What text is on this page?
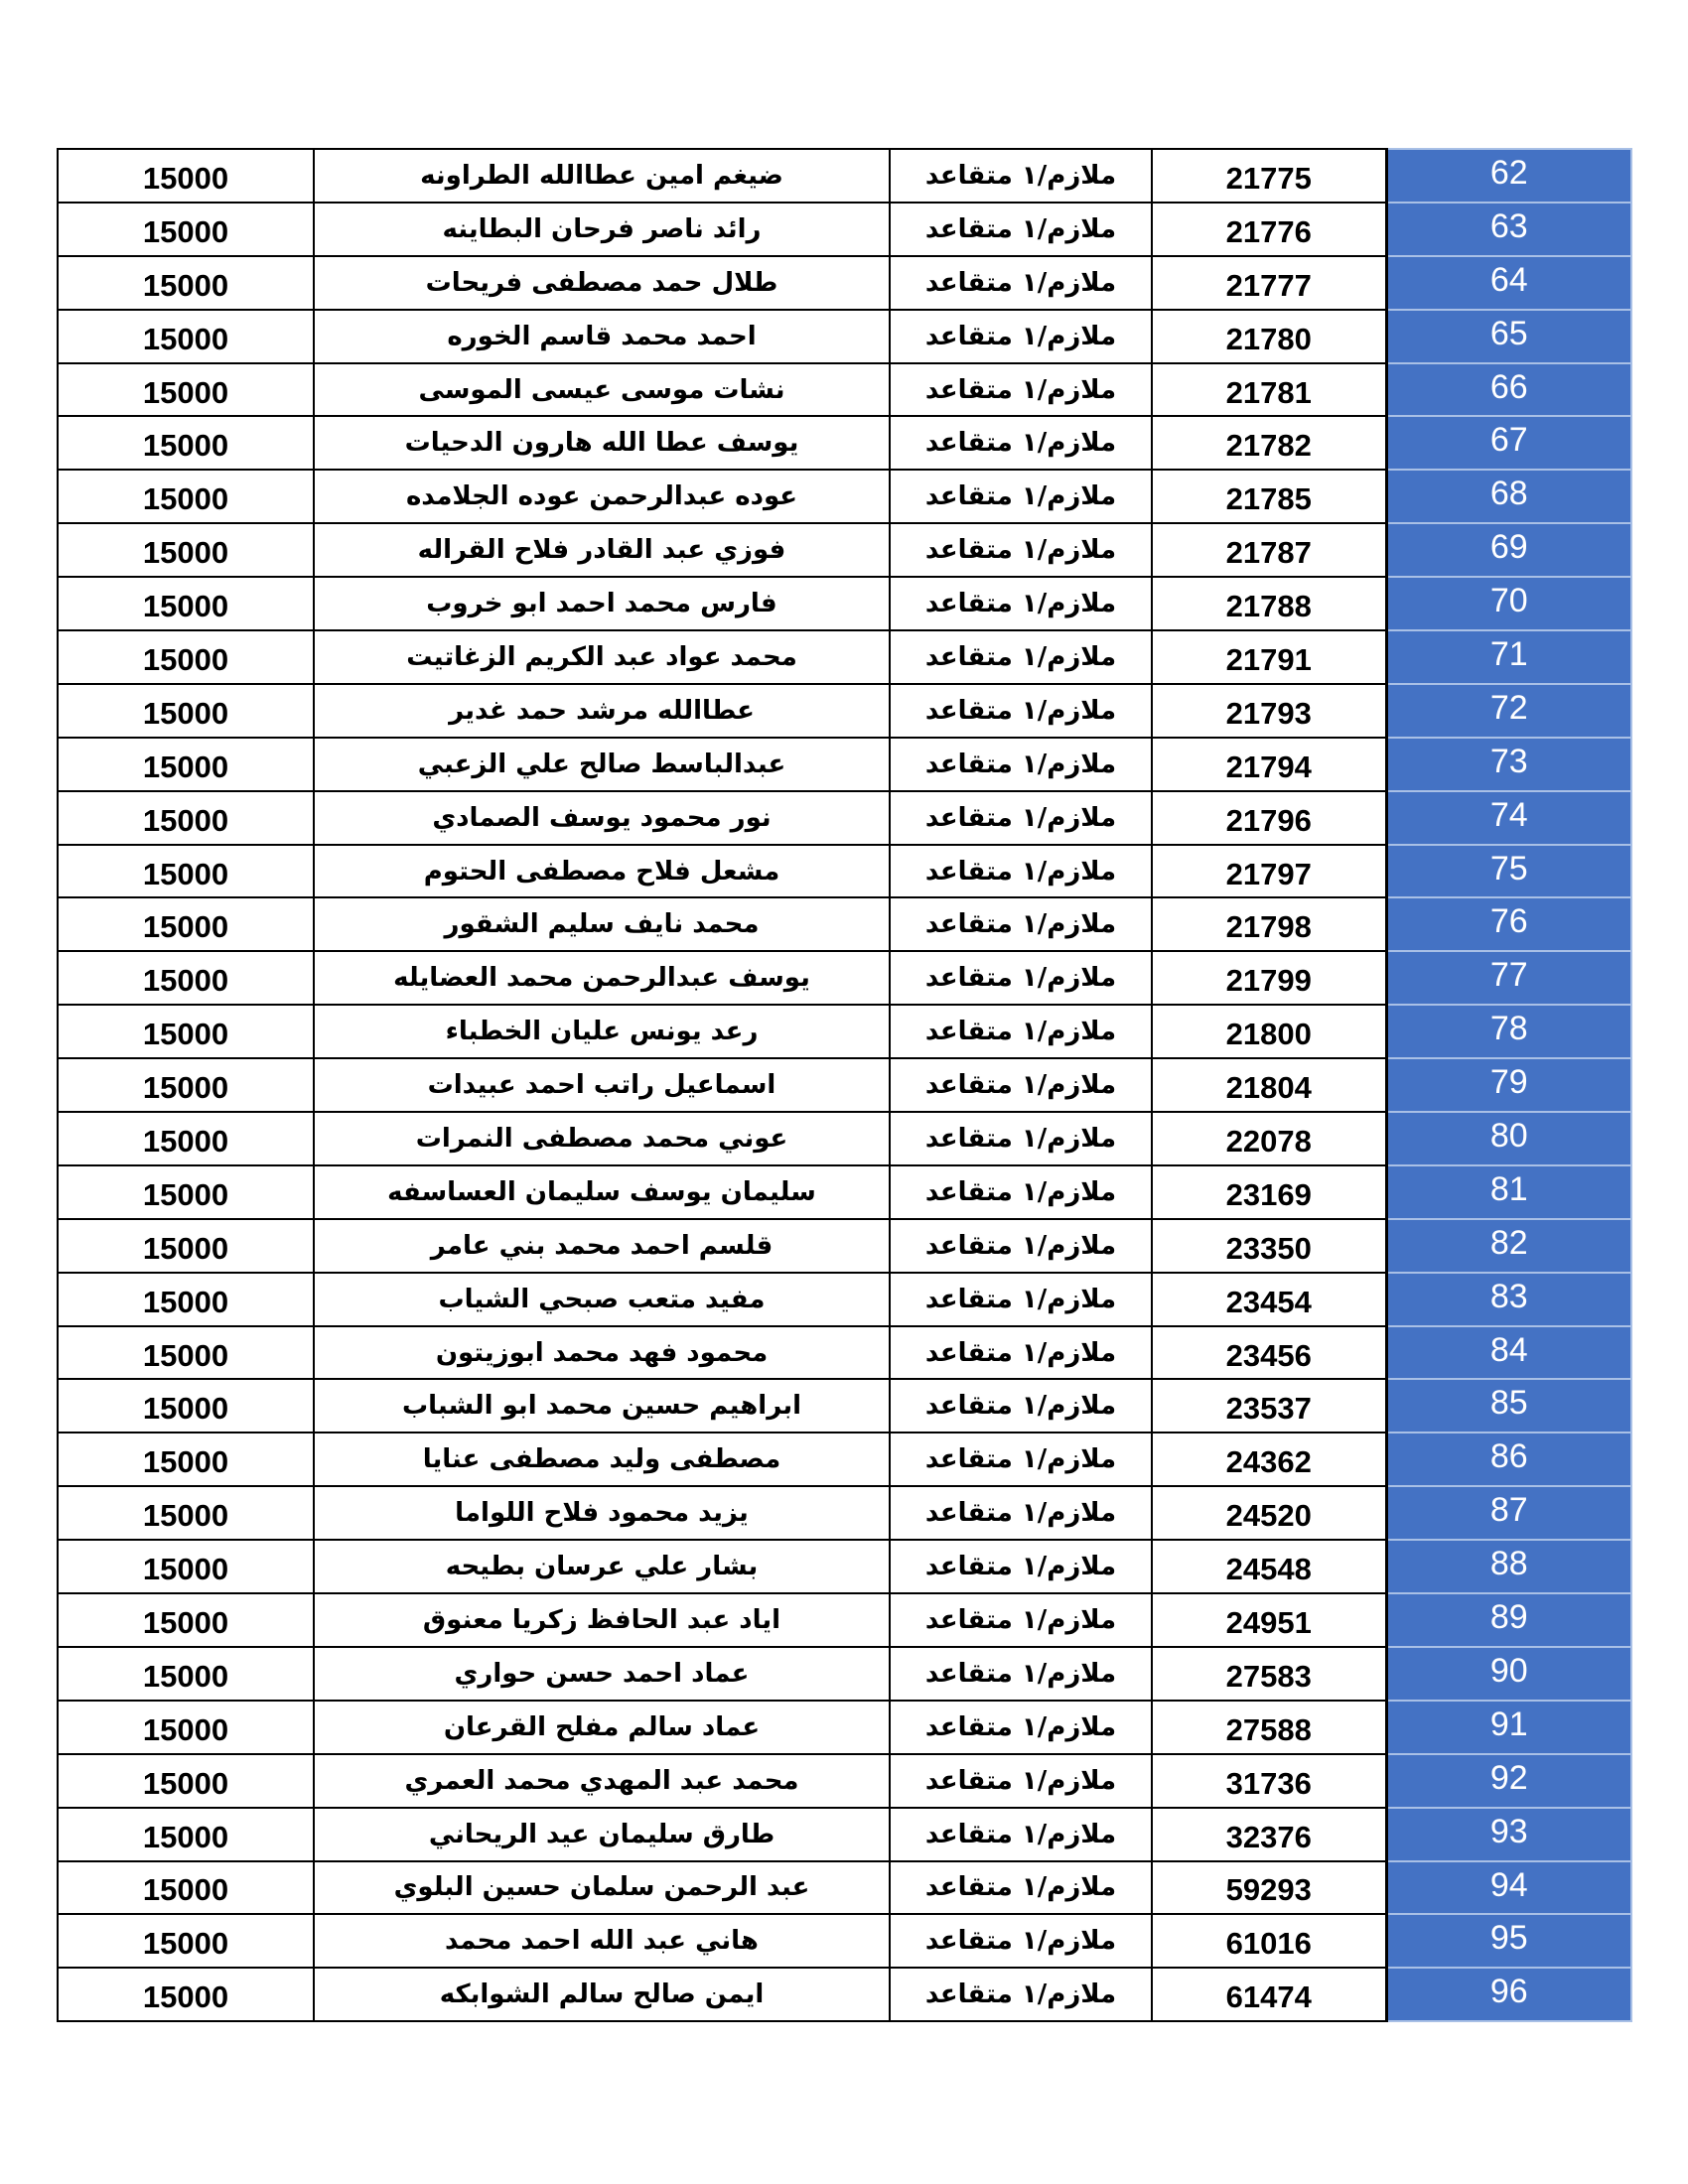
15000	ضيغم امين عطاالله الطراونه	ملازم/١ متقاعد	21775	62
15000	رائد ناصر فرحان البطاينه	ملازم/١ متقاعد	21776	63
15000	طلال حمد مصطفى فريحات	ملازم/١ متقاعد	21777	64
15000	احمد محمد قاسم الخوره	ملازم/١ متقاعد	21780	65
15000	نشات موسى عيسى الموسى	ملازم/١ متقاعد	21781	66
15000	يوسف عطا الله هارون الدحيات	ملازم/١ متقاعد	21782	67
15000	عوده عبدالرحمن عوده الجلامده	ملازم/١ متقاعد	21785	68
15000	فوزي عبد القادر فلاح القراله	ملازم/١ متقاعد	21787	69
15000	فارس محمد احمد ابو خروب	ملازم/١ متقاعد	21788	70
15000	محمد عواد عبد الكريم الزغاتيت	ملازم/١ متقاعد	21791	71
15000	عطاالله مرشد حمد غدير	ملازم/١ متقاعد	21793	72
15000	عبدالباسط صالح علي الزعبي	ملازم/١ متقاعد	21794	73
15000	نور محمود يوسف الصمادي	ملازم/١ متقاعد	21796	74
15000	مشعل فلاح مصطفى الحتوم	ملازم/١ متقاعد	21797	75
15000	محمد نايف سليم الشقور	ملازم/١ متقاعد	21798	76
15000	يوسف عبدالرحمن محمد العضايله	ملازم/١ متقاعد	21799	77
15000	رعد يونس عليان الخطباء	ملازم/١ متقاعد	21800	78
15000	اسماعيل راتب احمد عبيدات	ملازم/١ متقاعد	21804	79
15000	عوني محمد مصطفى النمرات	ملازم/١ متقاعد	22078	80
15000	سليمان يوسف سليمان العساسفه	ملازم/١ متقاعد	23169	81
15000	قلسم احمد محمد بني عامر	ملازم/١ متقاعد	23350	82
15000	مفيد متعب صبحي الشياب	ملازم/١ متقاعد	23454	83
15000	محمود فهد محمد ابوزيتون	ملازم/١ متقاعد	23456	84
15000	ابراهيم حسين محمد ابو الشباب	ملازم/١ متقاعد	23537	85
15000	مصطفى وليد مصطفى عنايا	ملازم/١ متقاعد	24362	86
15000	يزيد محمود فلاح اللواما	ملازم/١ متقاعد	24520	87
15000	بشار علي عرسان بطيحه	ملازم/١ متقاعد	24548	88
15000	اياد عبد الحافظ زكريا معنوق	ملازم/١ متقاعد	24951	89
15000	عماد احمد حسن حواري	ملازم/١ متقاعد	27583	90
15000	عماد سالم مفلح القرعان	ملازم/١ متقاعد	27588	91
15000	محمد عبد المهدي محمد العمري	ملازم/١ متقاعد	31736	92
15000	طارق سليمان عيد الريحاني	ملازم/١ متقاعد	32376	93
15000	عبد الرحمن سلمان حسين البلوي	ملازم/١ متقاعد	59293	94
15000	هاني عبد الله احمد محمد	ملازم/١ متقاعد	61016	95
15000	ايمن صالح سالم الشوابكه	ملازم/١ متقاعد	61474	96
